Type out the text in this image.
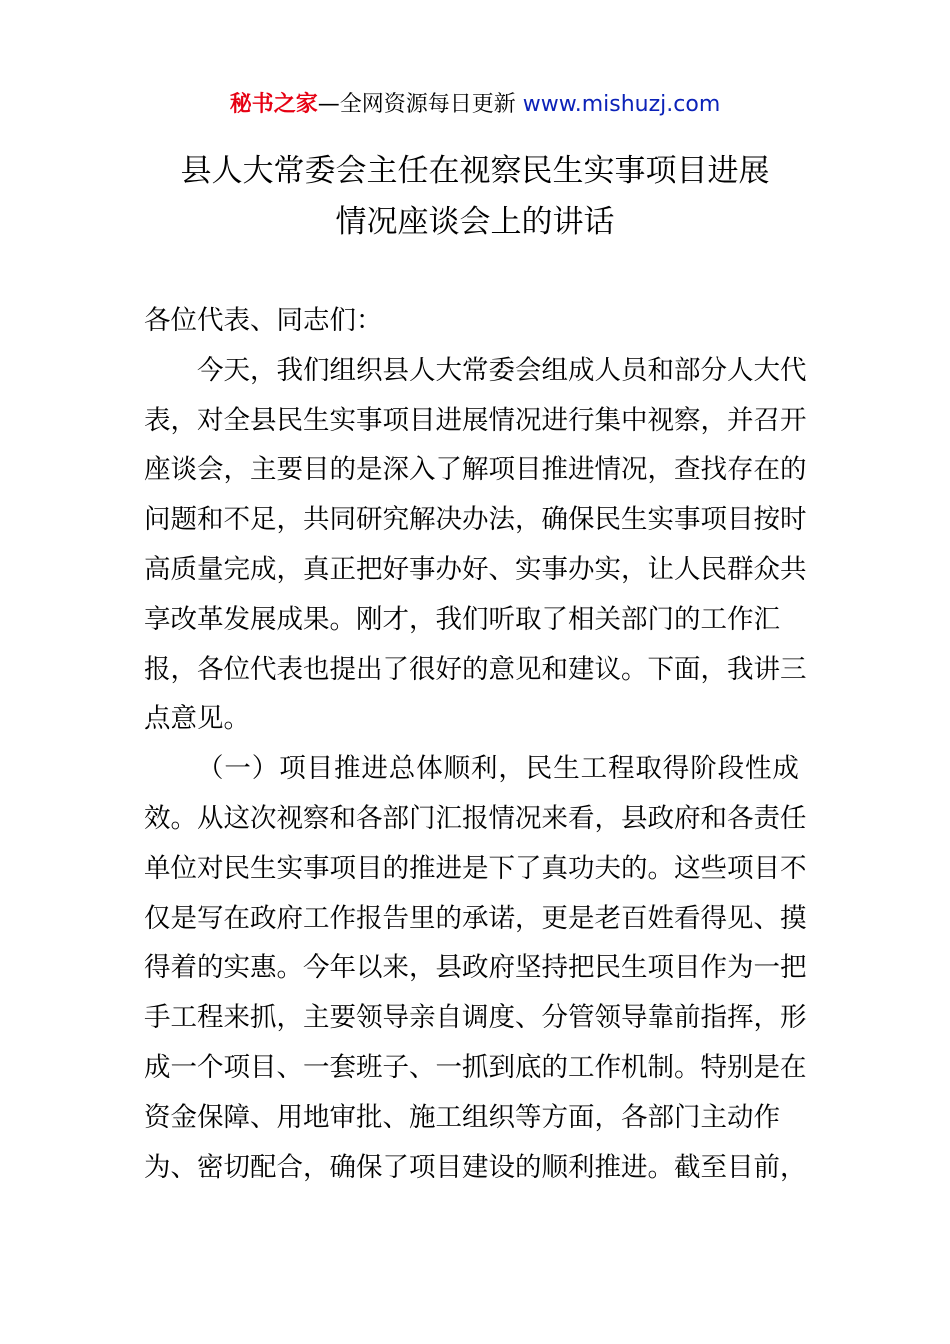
秘书之家—全网资源每日更新 www.mishuzj.com
县人大常委会主任在视察民生实事项目进展
情况座谈会上的讲话
各位代表、同志们：
今天，我们组织县人大常委会组成人员和部分人大代
表，对全县民生实事项目进展情况进行集中视察，并召开
座谈会，主要目的是深入了解项目推进情况，查找存在的
问题和不足，共同研究解决办法，确保民生实事项目按时
高质量完成，真正把好事办好、实事办实，让人民群众共
享改革发展成果。刚才，我们听取了相关部门的工作汇
报，各位代表也提出了很好的意见和建议。下面，我讲三
点意见。
（一）项目推进总体顺利，民生工程取得阶段性成
效。从这次视察和各部门汇报情况来看，县政府和各责任
单位对民生实事项目的推进是下了真功夫的。这些项目不
仅是写在政府工作报告里的承诺，更是老百姓看得见、摸
得着的实惠。今年以来，县政府坚持把民生项目作为一把
手工程来抓，主要领导亲自调度、分管领导靠前指挥，形
成一个项目、一套班子、一抓到底的工作机制。特别是在
资金保障、用地审批、施工组织等方面，各部门主动作
为、密切配合，确保了项目建设的顺利推进。截至目前，
